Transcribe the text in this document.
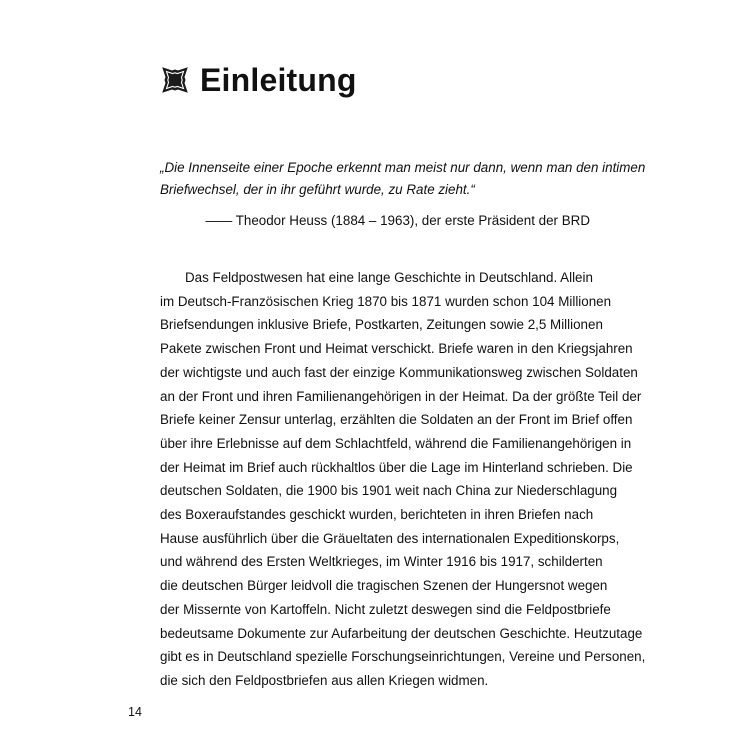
Einleitung
„Die Innenseite einer Epoche erkennt man meist nur dann, wenn man den intimen
Briefwechsel, der in ihr geführt wurde, zu Rate zieht.“
—— Theodor Heuss (1884 – 1963), der erste Präsident der BRD
Das Feldpostwesen hat eine lange Geschichte in Deutschland. Allein
im Deutsch-Französischen Krieg 1870 bis 1871 wurden schon 104 Millionen
Briefsendungen inklusive Briefe, Postkarten, Zeitungen sowie 2,5 Millionen
Pakete zwischen Front und Heimat verschickt. Briefe waren in den Kriegsjahren
der wichtigste und auch fast der einzige Kommunikationsweg zwischen Soldaten
an der Front und ihren Familienangehörigen in der Heimat. Da der größte Teil der
Briefe keiner Zensur unterlag, erzählten die Soldaten an der Front im Brief offen
über ihre Erlebnisse auf dem Schlachtfeld, während die Familienangehörigen in
der Heimat im Brief auch rückhaltlos über die Lage im Hinterland schrieben. Die
deutschen Soldaten, die 1900 bis 1901 weit nach China zur Niederschlagung
des Boxeraufstandes geschickt wurden, berichteten in ihren Briefen nach
Hause ausführlich über die Gräueltaten des internationalen Expeditionskorps,
und während des Ersten Weltkrieges, im Winter 1916 bis 1917, schilderten
die deutschen Bürger leidvoll die tragischen Szenen der Hungersnot wegen
der Missernte von Kartoffeln. Nicht zuletzt deswegen sind die Feldpostbriefe
bedeutsame Dokumente zur Aufarbeitung der deutschen Geschichte. Heutzutage
gibt es in Deutschland spezielle Forschungseinrichtungen, Vereine und Personen,
die sich den Feldpostbriefen aus allen Kriegen widmen.
14
